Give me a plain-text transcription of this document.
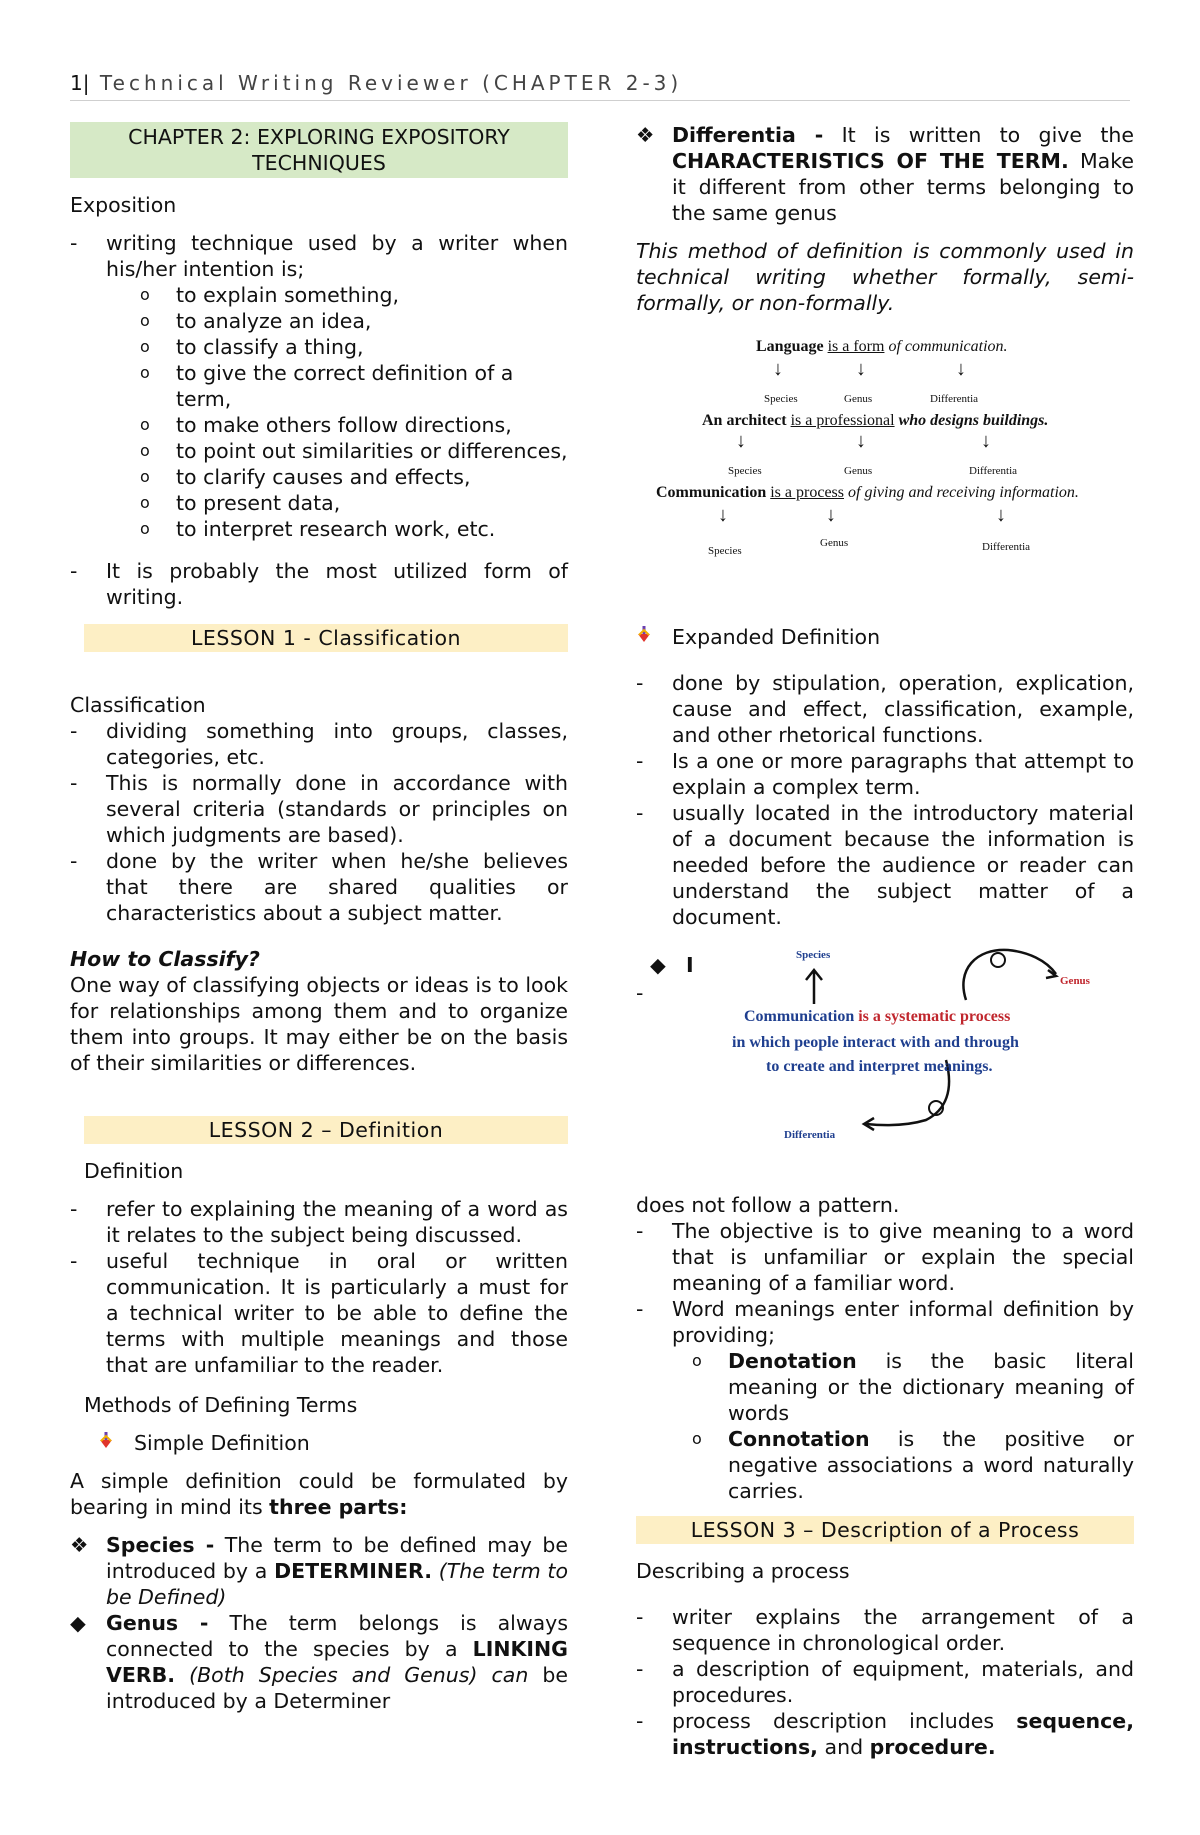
1| Technical Writing Reviewer (CHAPTER 2-3)
CHAPTER 2: EXPLORING EXPOSITORY TECHNIQUES

Exposition

- writing technique used by a writer when his/her intention is;
o to explain something,
o to analyze an idea,
o to classify a thing,
o to give the correct definition of a term,
o to make others follow directions,
o to point out similarities or differences,
o to clarify causes and effects,
o to present data,
o to interpret research work, etc.
- It is probably the most utilized form of writing.
LESSON 1 - Classification

Classification

- dividing something into groups, classes, categories, etc.
- This is normally done in accordance with several criteria (standards or principles on which judgments are based).
- done by the writer when he/she believes that there are shared qualities or characteristics about a subject matter.

How to Classify?

One way of classifying objects or ideas is to look for relationships among them and to organize them into groups. It may either be on the basis of their similarities or differences.

LESSON 2 – Definition

Definition

- refer to explaining the meaning of a word as it relates to the subject being discussed.
- useful technique in oral or written communication. It is particularly a must for a technical writer to be able to define the terms with multiple meanings and those that are unfamiliar to the reader.

Methods of Defining Terms

Simple Definition

A simple definition could be formulated by bearing in mind its three parts:

❖ Species - The term to be defined may be introduced by a DETERMINER. (The term to be Defined)
◆ Genus - The term belongs is always connected to the species by a LINKING VERB. (Both Species and Genus) can be introduced by a Determiner
❖ Differentia - It is written to give the CHARACTERISTICS OF THE TERM. Make it different from other terms belonging to the same genus

This method of definition is commonly used in technical writing whether formally, semi-formally, or non-formally.

Language is a form of communication.
↓	↓	↓
Species	Genus	Differentia
An architect is a professional who designs buildings.
↓	↓	↓
Species	Genus	Differentia
Communication is a process of giving and receiving information.
↓	↓	↓
Species
Genus	Differentia
Expanded Definition
- done by stipulation, operation, explication, cause and effect, classification, example, and other rhetorical functions.
- Is a one or more paragraphs that attempt to explain a complex term.
- usually located in the introductory material of a document because the information is needed before the audience or reader can understand the subject matter of a document.
◆ I
-
Species
Genus
Differentia
Communication is a systematic process
in which people interact with and through
to create and interpret meanings.

does not follow a pattern.

- The objective is to give meaning to a word that is unfamiliar or explain the special meaning of a familiar word.
- Word meanings enter informal definition by providing;
o Denotation is the basic literal meaning or the dictionary meaning of words
o Connotation is the positive or negative associations a word naturally carries.
LESSON 3 – Description of a Process

Describing a process

- writer explains the arrangement of a sequence in chronological order.
- a description of equipment, materials, and procedures.
- process description includes sequence, instructions, and procedure.
